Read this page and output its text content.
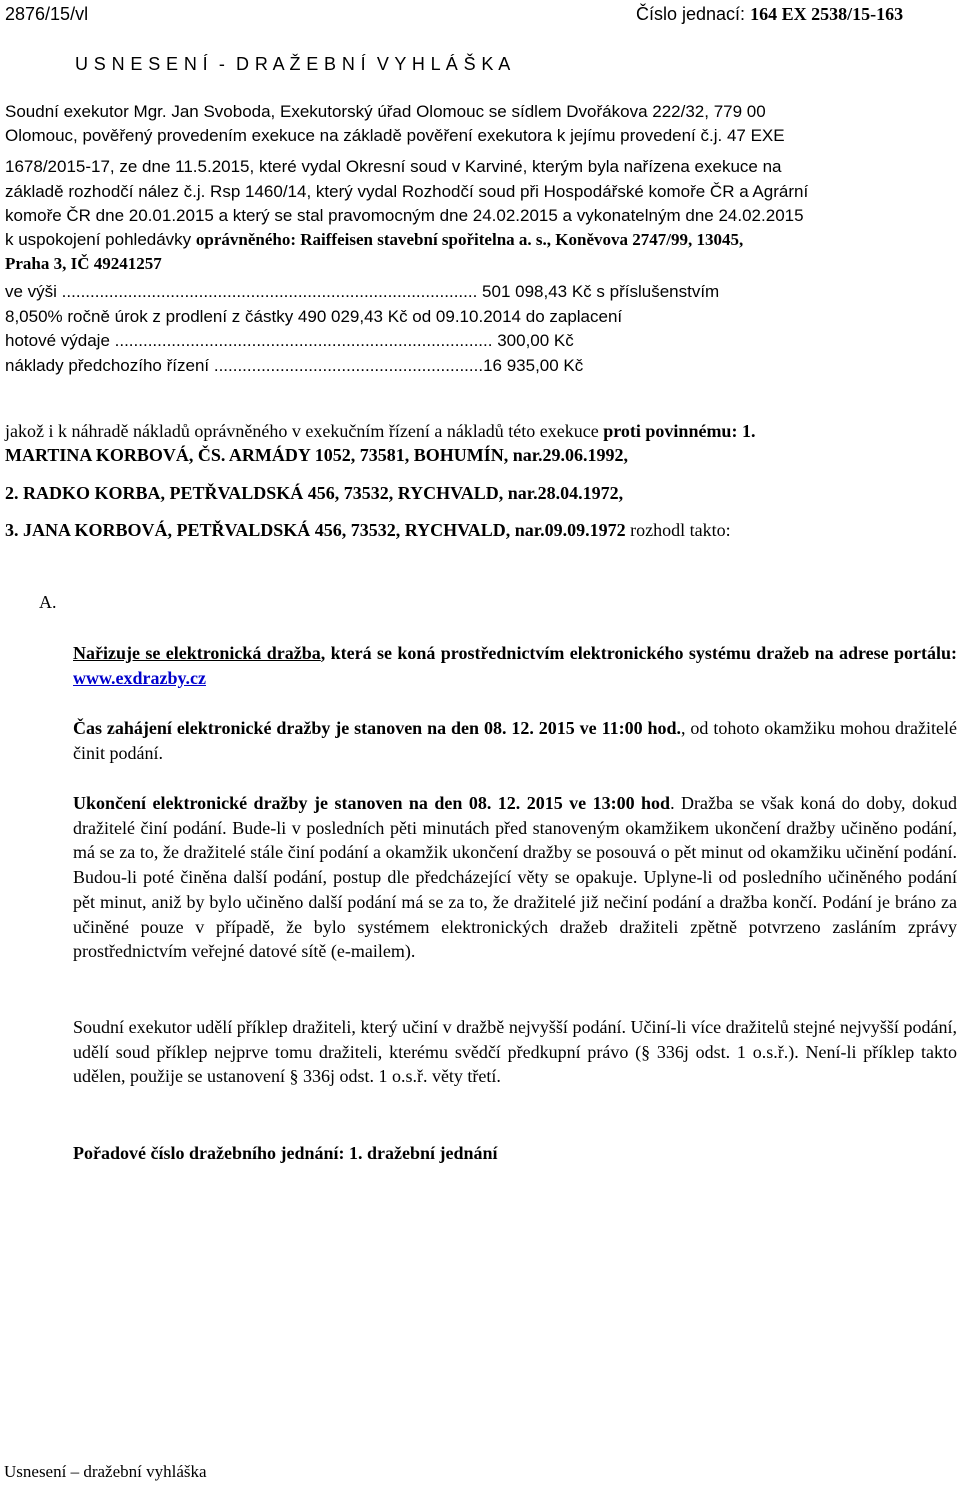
2876/15/vl	Číslo jednací: 164 EX 2538/15-163
U S N E S E N Í  -  D R A Ž E B N Í  V Y H L Á Š K A
Soudní exekutor Mgr. Jan Svoboda, Exekutorský úřad Olomouc se sídlem Dvořákova 222/32, 779 00
Olomouc, pověřený provedením exekuce na základě pověření exekutora k jejímu provedení č.j. 47 EXE
1678/2015-17, ze dne 11.5.2015, které vydal Okresní soud v Karviné, kterým byla nařízena exekuce na
základě rozhodčí nález č.j. Rsp 1460/14, který vydal Rozhodčí soud při Hospodářské komoře ČR a Agrární
komoře ČR dne 20.01.2015 a který se stal pravomocným dne 24.02.2015 a vykonatelným dne 24.02.2015
k uspokojení pohledávky oprávněného: Raiffeisen stavební spořitelna a. s., Koněvova 2747/99, 13045,
Praha 3, IČ 49241257
ve výši ........................................................................................ 501 098,43 Kč s příslušenstvím
8,050% ročně úrok z prodlení z částky 490 029,43 Kč od 09.10.2014 do zaplacení
hotové výdaje ................................................................................ 300,00 Kč
náklady předchozího řízení .........................................................16 935,00 Kč
jakož i k náhradě nákladů oprávněného v exekučním řízení a nákladů této exekuce proti povinnému: 1.
MARTINA KORBOVÁ, ČS. ARMÁDY 1052, 73581, BOHUMÍN, nar.29.06.1992,
2. RADKO KORBA, PETŘVALDSKÁ 456, 73532, RYCHVALD, nar.28.04.1972,
3. JANA KORBOVÁ, PETŘVALDSKÁ 456, 73532, RYCHVALD, nar.09.09.1972 rozhodl takto:
A.
Nařizuje se elektronická dražba, která se koná prostřednictvím elektronického systému dražeb na adrese portálu: www.exdrazby.cz
Čas zahájení elektronické dražby je stanoven na den 08. 12. 2015 ve 11:00 hod., od tohoto okamžiku mohou dražitelé činit podání.
Ukončení elektronické dražby je stanoven na den 08. 12. 2015 ve 13:00 hod. Dražba se však koná do doby, dokud dražitelé činí podání. Bude-li v posledních pěti minutách před stanoveným okamžikem ukončení dražby učiněno podání, má se za to, že dražitelé stále činí podání a okamžik ukončení dražby se posouvá o pět minut od okamžiku učinění podání. Budou-li poté činěna další podání, postup dle předcházející věty se opakuje. Uplyne-li od posledního učiněného podání pět minut, aniž by bylo učiněno další podání má se za to, že dražitelé již nečiní podání a dražba končí. Podání je bráno za učiněné pouze v případě, že bylo systémem elektronických dražeb dražiteli zpětně potvrzeno zasláním zprávy prostřednictvím veřejné datové sítě (e-mailem).
Soudní exekutor udělí příklep dražiteli, který učiní v dražbě nejvyšší podání. Učiní-li více dražitelů stejné nejvyšší podání, udělí soud příklep nejprve tomu dražiteli, kterému svědčí předkupní právo (§ 336j odst. 1 o.s.ř.). Není-li příklep takto udělen, použije se ustanovení § 336j odst. 1 o.s.ř. věty třetí.
Pořadové číslo dražebního jednání: 1. dražební jednání
Usnesení – dražební vyhláška
